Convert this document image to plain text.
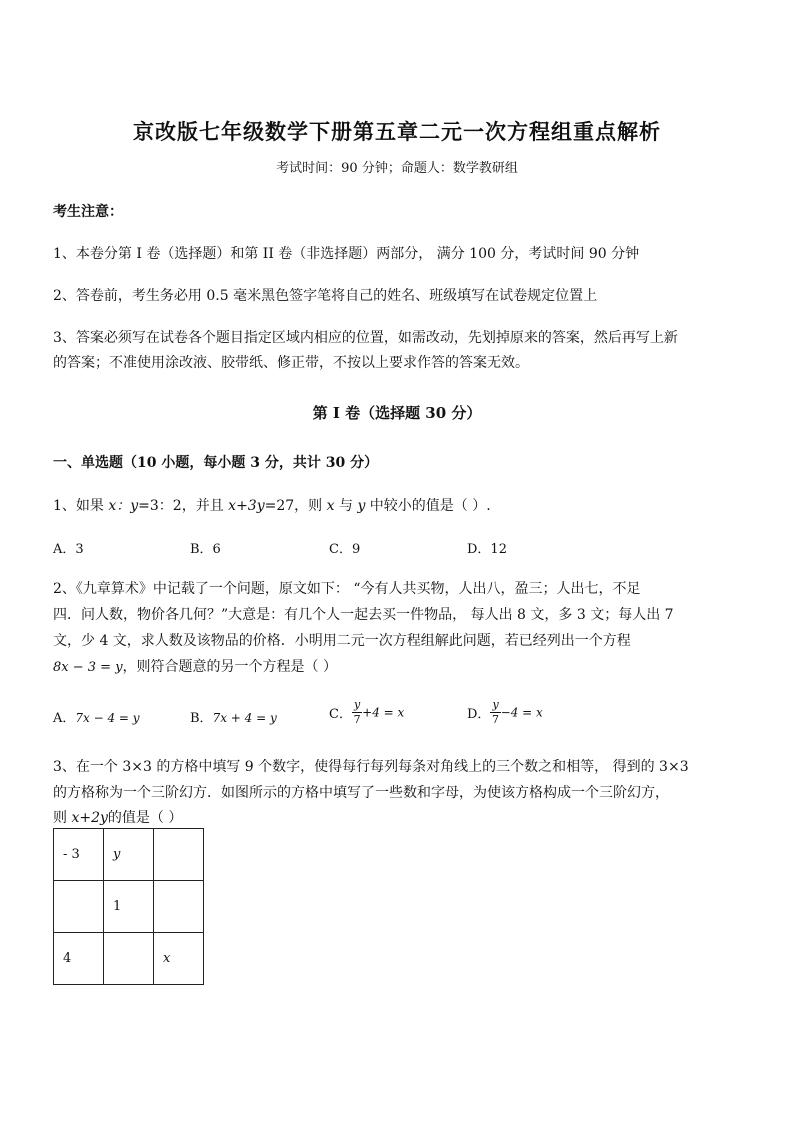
京改版七年级数学下册第五章二元一次方程组重点解析
考试时间：90 分钟；命题人：数学教研组
考生注意：
1、本卷分第 I 卷（选择题）和第 II 卷（非选择题）两部分， 满分 100 分，考试时间 90 分钟
2、答卷前，考生务必用 0.5 毫米黑色签字笔将自己的姓名、班级填写在试卷规定位置上
3、答案必须写在试卷各个题目指定区域内相应的位置，如需改动，先划掉原来的答案，然后再写上新
的答案；不准使用涂改液、胶带纸、修正带，不按以上要求作答的答案无效。
第 I 卷（选择题 30 分）
一、单选题（10 小题，每小题 3 分，共计 30 分）
1、如果 x：y=3：2，并且 x+3y=27，则 x 与 y 中较小的值是（ ）.
A．3	B．6	C．9	D．12
2、《九章算术》中记载了一个问题，原文如下： “今有人共买物，人出八，盈三；人出七，不足
四．问人数，物价各几何？”大意是：有几个人一起去买一件物品， 每人出 8 文，多 3 文；每人出 7
文，少 4 文，求人数及该物品的价格．小明用二元一次方程组解此问题，若已经列出一个方程
8x − 3 = y，则符合题意的另一个方程是（ ）
A．7x − 4 = y	B．7x + 4 = y	C． $\frac{y}{7} +4 = x$	D． $\frac{y}{7} -4 = x$
3、在一个 3×3 的方格中填写 9 个数字，使得每行每列每条对角线上的三个数之和相等， 得到的 3×3
的方格称为一个三阶幻方．如图所示的方格中填写了一些数和字母，为使该方格构成一个三阶幻方，
则 x+2y的值是（ ）
- 3	y	
	1	
4		x
